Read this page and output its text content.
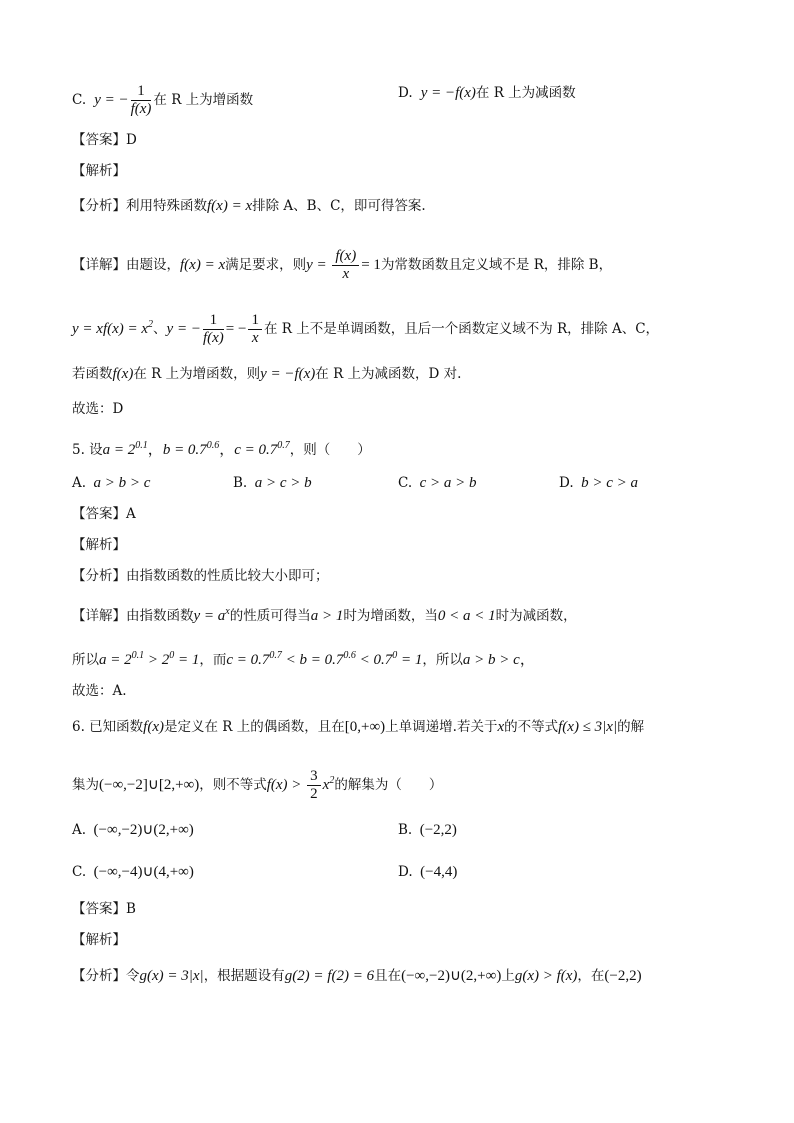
C.  y = − $\frac{1}{f(x)}$ 在 R 上为增函数	D.  y = −f(x)在 R 上为减函数
【答案】D
【解析】
【分析】利用特殊函数f(x) = x排除 A、B、C，即可得答案.
【详解】由题设，f(x) = x满足要求，则$y = \frac{f(x)}{x} = 1$为常数函数且定义域不是 R，排除 B，
$y = xf(x) = x^2$、y = − $\frac{1}{f(x)}$ = − $\frac{1}{x}$ 在 R 上不是单调函数，且后一个函数定义域不为 R，排除 A、C，
若函数f(x)在 R 上为增函数，则y = −f(x)在 R 上为减函数，D 对.
故选：D
5. 设$a = 2^{0.1}$，$b = 0.7^{0.6}$，$c = 0.7^{0.7}$，则（　　）
A.  a > b > c	B.  a > c > b	C.  c > a > b	D.  b > c > a
【答案】A
【解析】
【分析】由指数函数的性质比较大小即可；
【详解】由指数函数$y = a^x$的性质可得当a > 1时为增函数，当0 < a < 1时为减函数，
所以$a = 2^{0.1} > 2^0 = 1$，而$c = 0.7^{0.7} < b = 0.7^{0.6} < 0.7^0 = 1$，所以a > b > c，
故选：A.
6. 已知函数f(x)是定义在 R 上的偶函数，且在[0,+∞)上单调递增.若关于x的不等式f(x) ≤ 3|x|的解
集为(−∞,−2]∪[2,+∞)，则不等式$f(x) > \frac{3}{2} x^2$的解集为（　　）
A.  (−∞,−2)∪(2,+∞)	B.  (−2,2)
C.  (−∞,−4)∪(4,+∞)	D.  (−4,4)
【答案】B
【解析】
【分析】令g(x) = 3|x|，根据题设有g(2) = f(2) = 6且在(−∞,−2)∪(2,+∞)上g(x) > f(x)，在(−2,2)
